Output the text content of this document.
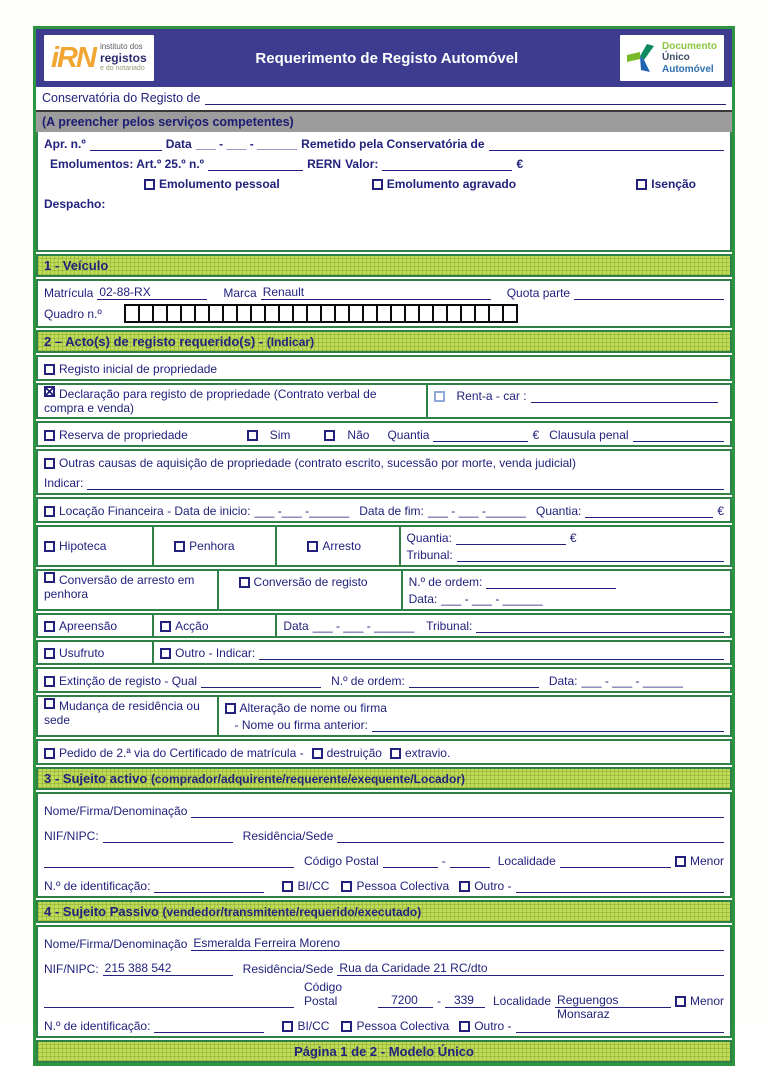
iRN instituto dos
registos
e do notariado
Requerimento de Registo Automóvel
Documento
Único
Automóvel
Conservatória do Registo de
(A preencher pelos serviços competentes)
Apr. n.º	Data ___ - ___ - ______ Remetido pela Conservatória de
Emolumentos: Art.º 25.º n.º	RERN Valor:	€
Emolumento pessoal	Emolumento agravado	Isenção
Despacho:
1 - Veículo
Matrícula 02-88-RX	Marca Renault	Quota parte
Quadro n.º
2 – Acto(s) de registo requerido(s) - (Indicar)
Registo inicial de propriedade
Declaração para registo de propriedade (Contrato verbal de compra e venda)
Rent-a - car :
Reserva de propriedade	Sim	Não Quantia	€ Clausula penal
Outras causas de aquisição de propriedade (contrato escrito, sucessão por morte, venda judicial)
Indicar:
Locação Financeira - Data de inicio: ___ -___ -______ Data de fim: ___ - ___ -______ Quantia:	€
Hipoteca	Penhora	Arresto
Quantia:	€
Tribunal:
Conversão de arresto em penhora
Conversão de registo	N.º de ordem:
Data: ___ - ___ - ______
Apreensão	Acção	Data ___ - ___ - ______ Tribunal:
Usufruto	Outro - Indicar:
Extinção de registo - Qual	N.º de ordem:	Data: ___ - ___ - ______
Mudança de residência ou sede
Alteração de nome ou firma
- Nome ou firma anterior:
Pedido de 2.ª via do Certificado de matrícula - destruição extravio.
3 - Sujeito activo (comprador/adquirente/requerente/exequente/Locador)
Nome/Firma/Denominação
NIF/NIPC:	Residência/Sede
Código Postal	-	Localidade	Menor
N.º de identificação:	BI/CC Pessoa Colectiva Outro -
4 - Sujeito Passivo (vendedor/transmitente/requerido/executado)
Nome/Firma/Denominação Esmeralda Ferreira Moreno
NIF/NIPC: 215 388 542	Residência/Sede Rua da Caridade 21 RC/dto
Código Postal	7200	-	339	Localidade Reguengos Monsaraz
Menor
N.º de identificação:	BI/CC Pessoa Colectiva Outro -
Página 1 de 2 - Modelo Único
